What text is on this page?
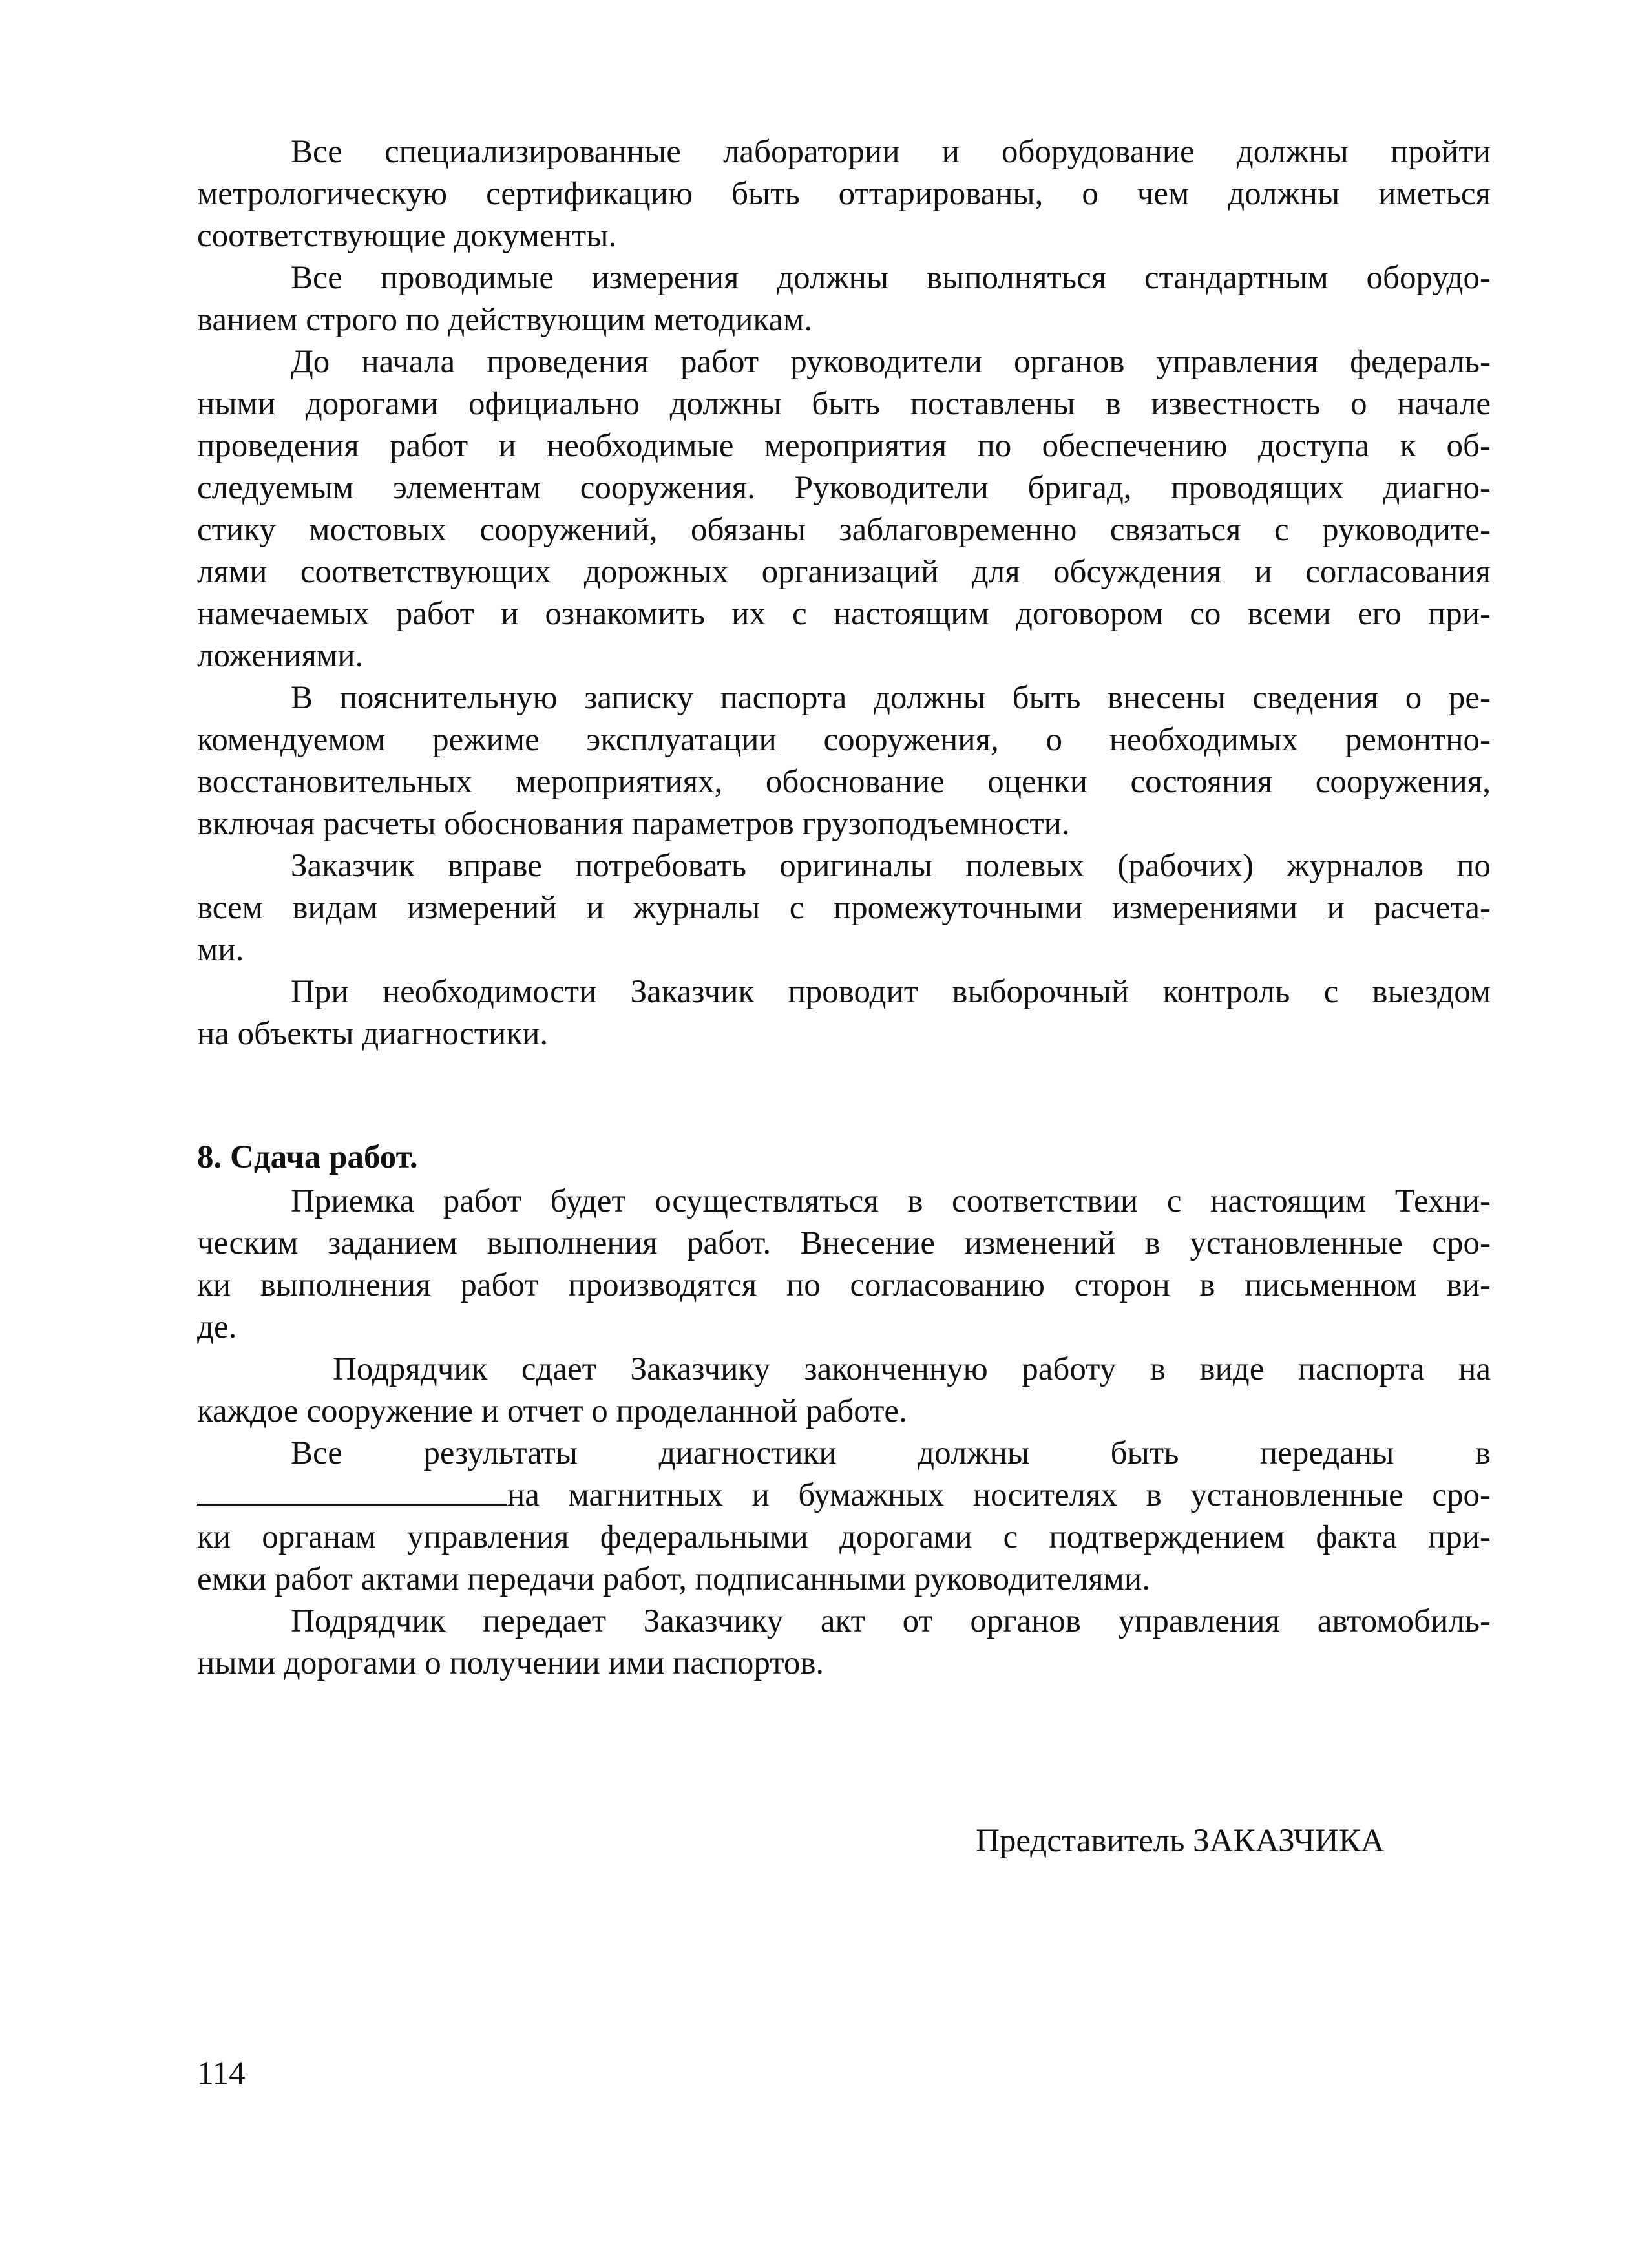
Все специализированные лаборатории и оборудование должны пройти
метрологическую сертификацию быть оттарированы, о чем должны иметься
соответствующие документы.

Все проводимые измерения должны выполняться стандартным оборудо-
ванием строго по действующим методикам.

До начала проведения работ руководители органов управления федераль-
ными дорогами официально должны быть поставлены в известность о начале
проведения работ и необходимые мероприятия по обеспечению доступа к об-
следуемым элементам сооружения. Руководители бригад, проводящих диагно-
стику мостовых сооружений, обязаны заблаговременно связаться с руководите-
лями соответствующих дорожных организаций для обсуждения и согласования
намечаемых работ и ознакомить их с настоящим договором со всеми его при-
ложениями.

В пояснительную записку паспорта должны быть внесены сведения о ре-
комендуемом режиме эксплуатации сооружения, о необходимых ремонтно-
восстановительных мероприятиях, обоснование оценки состояния сооружения,
включая расчеты обоснования параметров грузоподъемности.

Заказчик вправе потребовать оригиналы полевых (рабочих) журналов по
всем видам измерений и журналы с промежуточными измерениями и расчета-
ми.

При необходимости Заказчик проводит выборочный контроль с выездом
на объекты диагностики.

8. Сдача работ.

Приемка работ будет осуществляться в соответствии с настоящим Техни-
ческим заданием выполнения работ. Внесение изменений в установленные сро-
ки выполнения работ производятся по согласованию сторон в письменном ви-
де.

Подрядчик сдает Заказчику законченную работу в виде паспорта на
каждое сооружение и отчет о проделанной работе.

Все результаты диагностики должны быть переданы в
на магнитных и бумажных носителях в установленные сро-
ки органам управления федеральными дорогами с подтверждением факта при-
емки работ актами передачи работ, подписанными руководителями.

Подрядчик передает Заказчику акт от органов управления автомобиль-
ными дорогами о получении ими паспортов.

Представитель ЗАКАЗЧИКА

114
